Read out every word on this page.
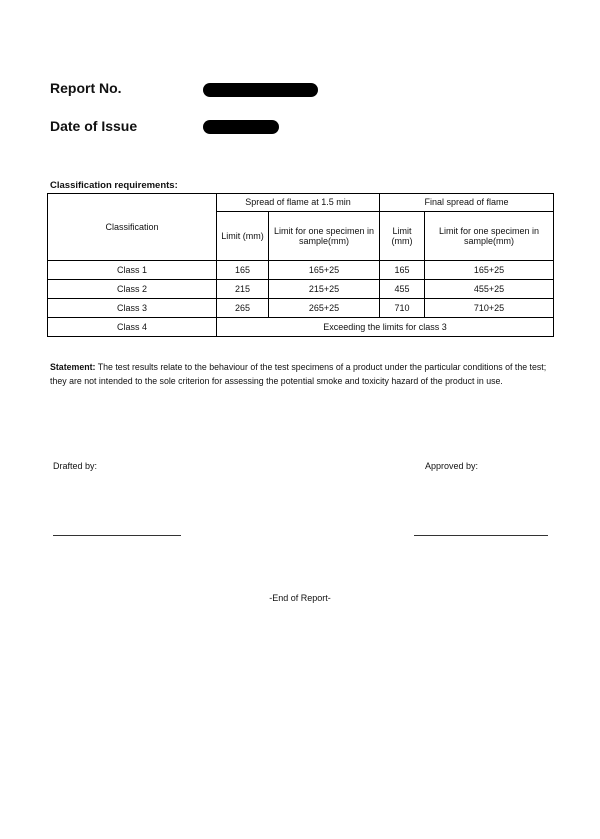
Report No.
Date of Issue
Classification requirements:
Classification	Spread of flame at 1.5 min		Final spread of flame	
	Limit (mm)	Limit for one specimen in sample(mm)	Limit (mm)	Limit for one specimen in sample(mm)
Class 1	165	165+25	165	165+25
Class 2	215	215+25	455	455+25
Class 3	265	265+25	710	710+25
Class 4	Exceeding the limits for class 3			
Statement: The test results relate to the behaviour of the test specimens of a product under the particular conditions of the test; they are not intended to the sole criterion for assessing the potential smoke and toxicity hazard of the product in use.
Drafted by:	Approved by:
-End of Report-
